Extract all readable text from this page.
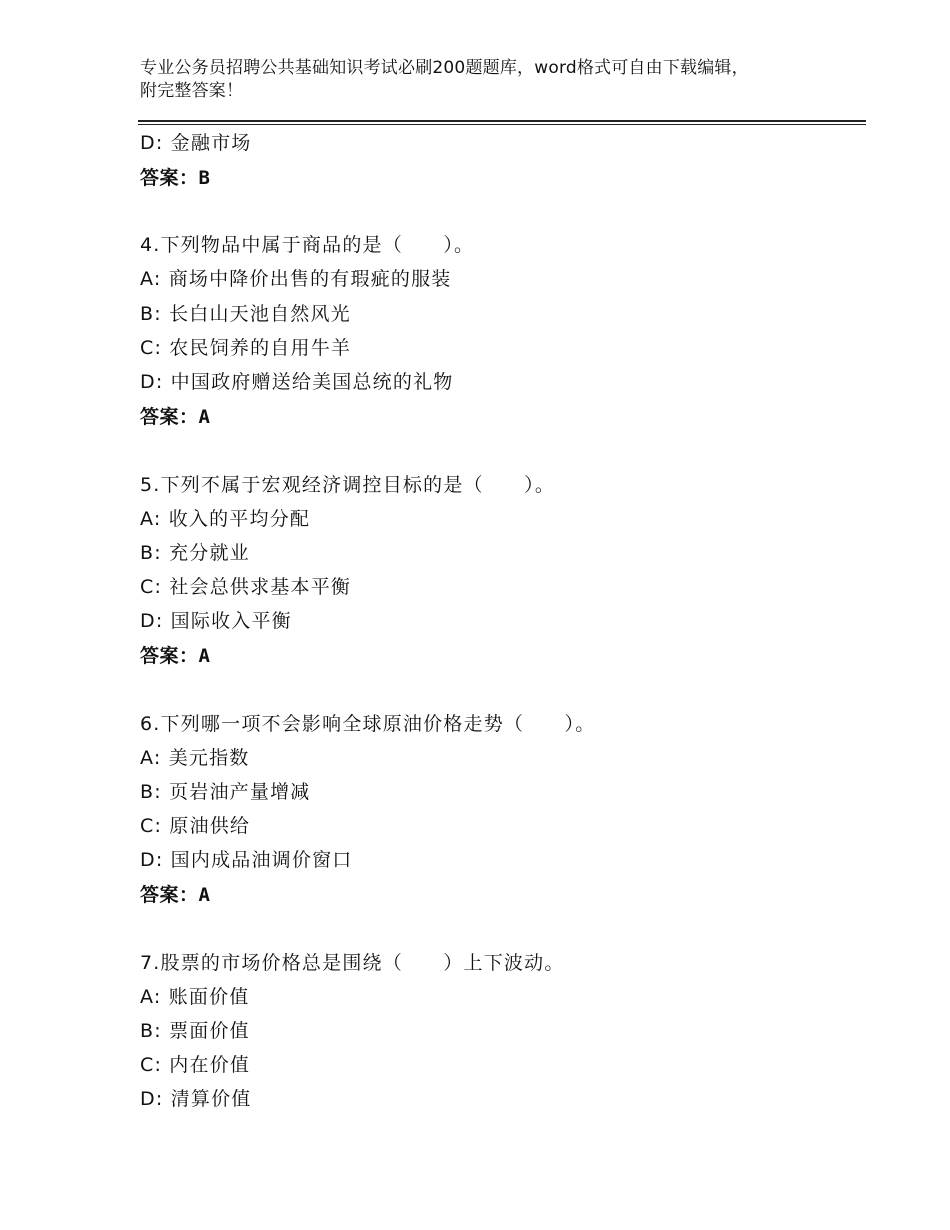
专业公务员招聘公共基础知识考试必刷200题题库，word格式可自由下载编辑，
附完整答案！
D: 金融市场
答案：B
4.下列物品中属于商品的是（　　）。
A: 商场中降价出售的有瑕疵的服装
B: 长白山天池自然风光
C: 农民饲养的自用牛羊
D: 中国政府赠送给美国总统的礼物
答案：A
5.下列不属于宏观经济调控目标的是（　　）。
A: 收入的平均分配
B: 充分就业
C: 社会总供求基本平衡
D: 国际收入平衡
答案：A
6.下列哪一项不会影响全球原油价格走势（　　）。
A: 美元指数
B: 页岩油产量增减
C: 原油供给
D: 国内成品油调价窗口
答案：A
7.股票的市场价格总是围绕（　　）上下波动。
A: 账面价值
B: 票面价值
C: 内在价值
D: 清算价值
